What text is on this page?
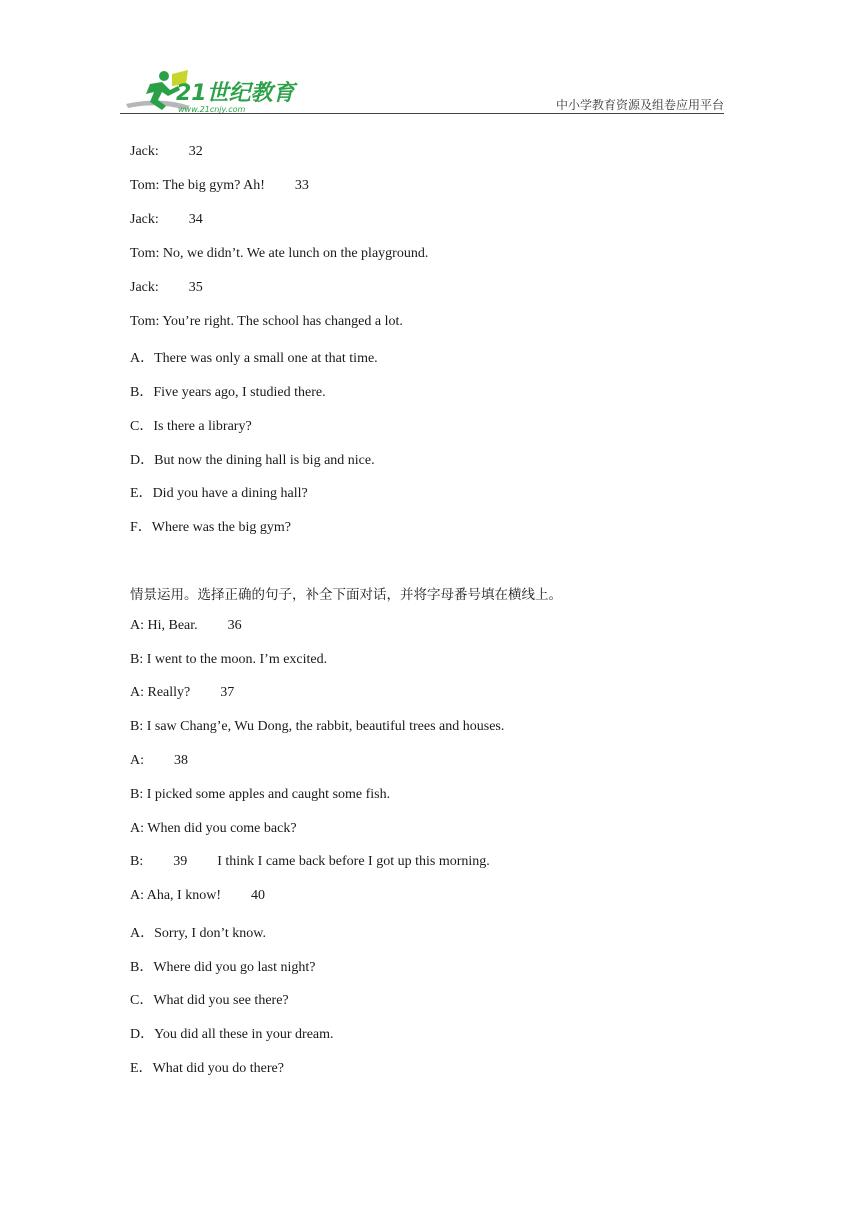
21世纪教育
www.21cnjy.com	中小学教育资源及组卷应用平台
Jack: 32
Tom: The big gym? Ah! 33
Jack: 34
Tom: No, we didn’t. We ate lunch on the playground.
Jack: 35
Tom: You’re right. The school has changed a lot.
A．There was only a small one at that time.
B．Five years ago, I studied there.
C．Is there a library?
D．But now the dining hall is big and nice.
E．Did you have a dining hall?
F．Where was the big gym?
情景运用。选择正确的句子，补全下面对话，并将字母番号填在横线上。
A: Hi, Bear. 36
B: I went to the moon. I’m excited.
A: Really? 37
B: I saw Chang’e, Wu Dong, the rabbit, beautiful trees and houses.
A: 38
B: I picked some apples and caught some fish.
A: When did you come back?
B: 39 I think I came back before I got up this morning.
A: Aha, I know! 40
A．Sorry, I don’t know.
B．Where did you go last night?
C．What did you see there?
D．You did all these in your dream.
E．What did you do there?
